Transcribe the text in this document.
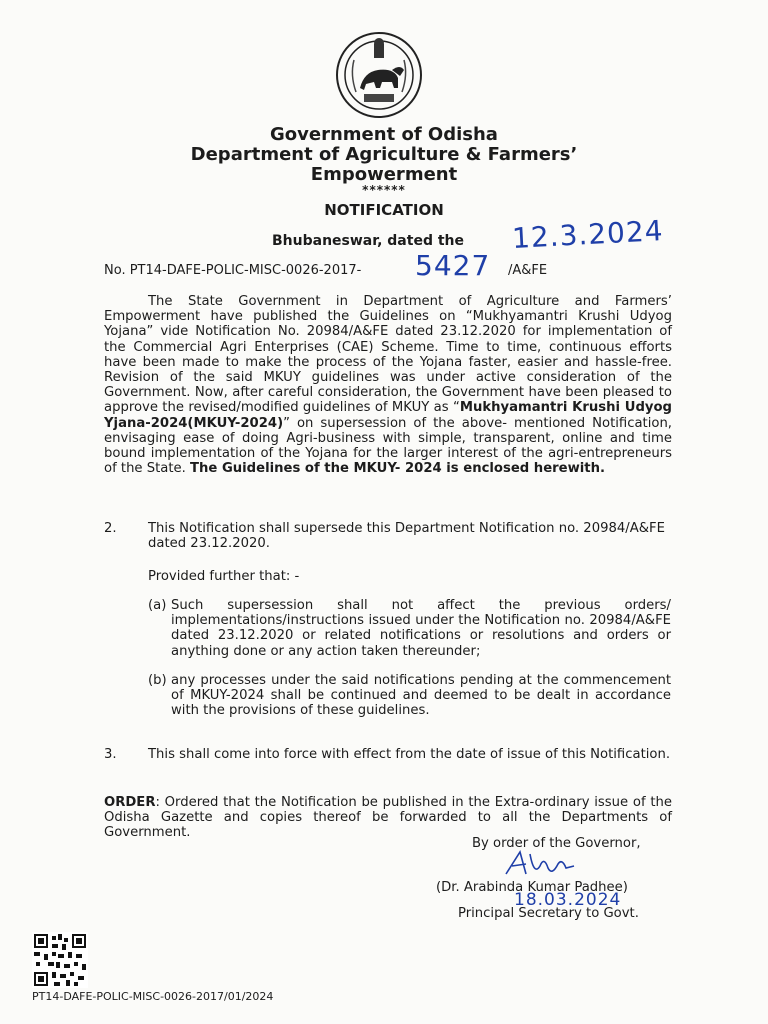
Government of Odisha
Department of Agriculture & Farmers’
Empowerment
******
NOTIFICATION
Bhubaneswar, dated the 12.3.2024
No. PT14-DAFE-POLIC-MISC-0026-2017- 5427 /A&FE
The State Government in Department of Agriculture and Farmers’ Empowerment have published the Guidelines on “Mukhyamantri Krushi Udyog Yojana” vide Notification No. 20984/A&FE dated 23.12.2020 for implementation of the Commercial Agri Enterprises (CAE) Scheme. Time to time, continuous efforts have been made to make the process of the Yojana faster, easier and hassle-free. Revision of the said MKUY guidelines was under active consideration of the Government. Now, after careful consideration, the Government have been pleased to approve the revised/modified guidelines of MKUY as “Mukhyamantri Krushi Udyog Yjana-2024(MKUY-2024)” on supersession of the above- mentioned Notification, envisaging ease of doing Agri-business with simple, transparent, online and time bound implementation of the Yojana for the larger interest of the agri-entrepreneurs of the State. The Guidelines of the MKUY- 2024 is enclosed herewith.
2. This Notification shall supersede this Department Notification no. 20984/A&FE dated 23.12.2020.
Provided further that: -
(a) Such supersession shall not affect the previous orders/ implementations/instructions issued under the Notification no. 20984/A&FE dated 23.12.2020 or related notifications or resolutions and orders or anything done or any action taken thereunder;
(b) any processes under the said notifications pending at the commencement of MKUY-2024 shall be continued and deemed to be dealt in accordance with the provisions of these guidelines.
3.	This shall come into force with effect from the date of issue of this Notification.
ORDER: Ordered that the Notification be published in the Extra-ordinary issue of the Odisha Gazette and copies thereof be forwarded to all the Departments of Government.
By order of the Governor,
(Dr. Arabinda Kumar Padhee)
18.03.2024
Principal Secretary to Govt.
PT14-DAFE-POLIC-MISC-0026-2017/01/2024
